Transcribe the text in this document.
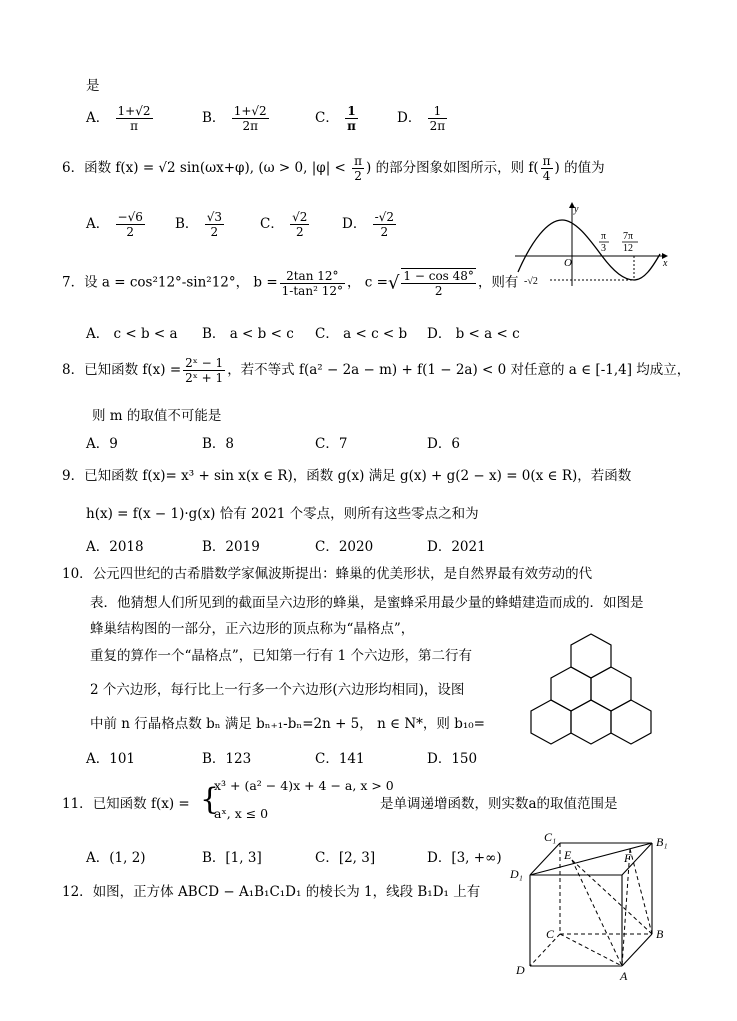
是
A． $\frac{1+√2}{\pi}$	B． $\frac{1+√2}{2\pi}$	C． $\frac{1}{\pi}$	D． $\frac{1}{2\pi}$
6．函数 f(x) = √2 sin(ωx+φ), (ω > 0, $|\varphi| < \frac{\pi}{2}$ ) 的部分图象如图所示，则 $f( \frac{\pi}{4}$ ) 的值为
A． $\frac{-√6}{2}$ B． $\frac{√3}{2}$	C． $\frac{√2}{2}$ D． $\frac{-√2}{2}$
y
x
O
π
3
7π
12
-√2
7．设 a = cos²12°-sin²12°， $b = \frac{2\tan 12^\circ}{\text{1-tan² 12°}}$ ， c =√ $\frac{1 - \cos 48^\circ}{2}$ ，则有
A． c < b < a B． a < b < c C． a < c < b D． b < a < c
8．已知函数 $f(x) = \frac{\text{2ˣ − 1}}{\text{2ˣ + 1}}$ ，若不等式 f(a² − 2a − m) + f(1 − 2a) < 0 对任意的 a ∈ [-1,4] 均成立，
则 m 的取值不可能是
A．9	B．8	C．7	D．6
9．已知函数 f(x)= x³ + sin x(x ∈ R)，函数 g(x) 满足 g(x) + g(2 − x) = 0(x ∈ R)，若函数
h(x) = f(x − 1)·g(x) 恰有 2021 个零点，则所有这些零点之和为
A．2018	B．2019	C．2020	D．2021
10．公元四世纪的古希腊数学家佩波斯提出：蜂巢的优美形状，是自然界最有效劳动的代
表．他猜想人们所见到的截面呈六边形的蜂巢，是蜜蜂采用最少量的蜂蜡建造而成的．如图是
蜂巢结构图的一部分，正六边形的顶点称为“晶格点”，
重复的算作一个“晶格点”，已知第一行有 1 个六边形，第二行有
2 个六边形，每行比上一行多一个六边形(六边形均相同)，设图
中前 n 行晶格点数 bₙ 满足 bₙ₊₁-bₙ=2n + 5， n ∈ N*，则 b₁₀=
A．101	B．123	C．141	D．150
11．已知函数 f(x) = {
x³ + (a² − 4)x + 4 − a, x > 0
aˣ, x ≤ 0
是单调递增函数，则实数a的取值范围是
A．(1, 2)	B．[1, 3]	C．[2, 3]	D．[3, +∞)
12．如图，正方体 ABCD − A₁B₁C₁D₁ 的棱长为 1，线段 B₁D₁ 上有
C₁	B₁
D₁
E	F
C	B
D	A
